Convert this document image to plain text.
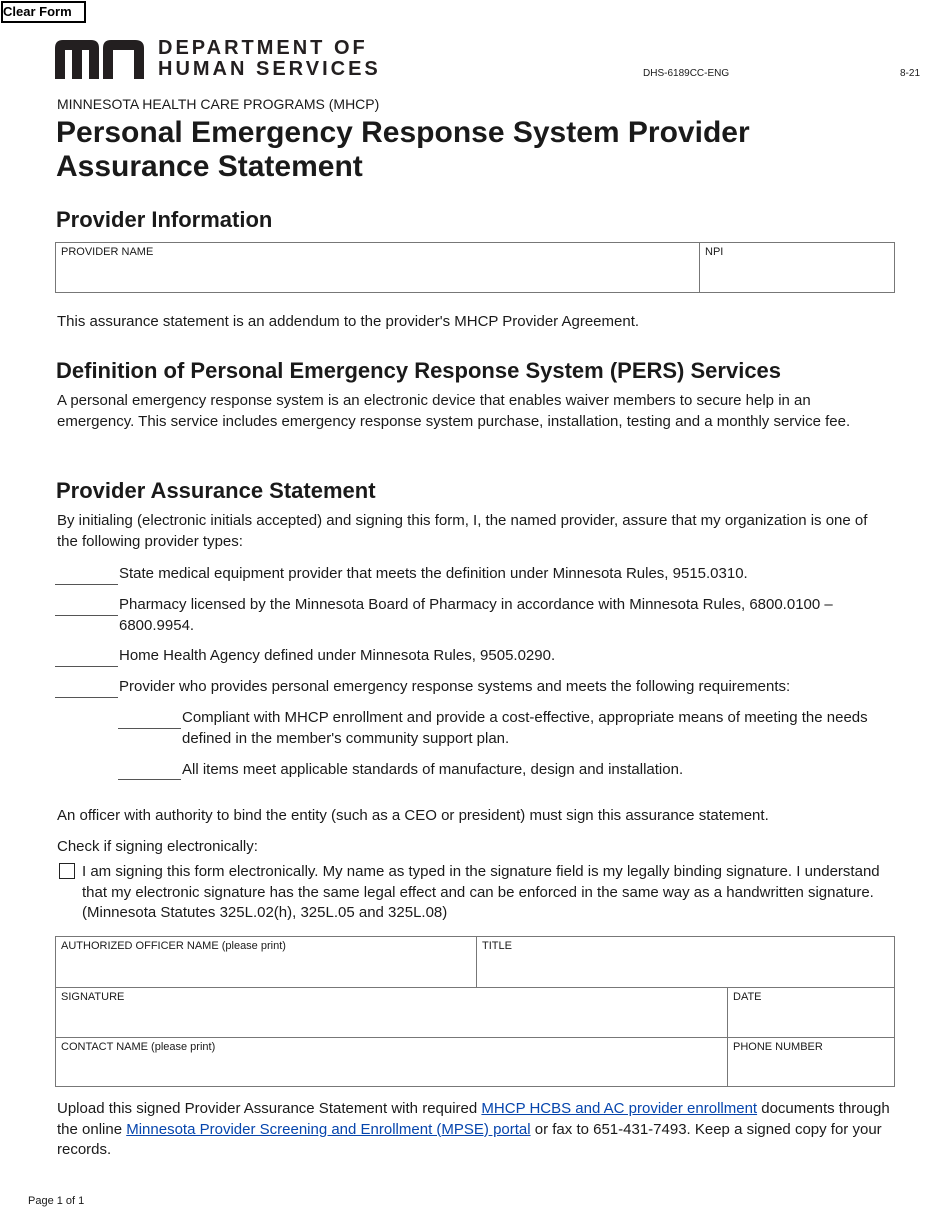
Clear Form
DEPARTMENT OF
HUMAN SERVICES	DHS-6189CC-ENG	8-21
MINNESOTA HEALTH CARE PROGRAMS (MHCP)
Personal Emergency Response System Provider Assurance Statement
Provider Information
PROVIDER NAME	NPI
This assurance statement is an addendum to the provider's MHCP Provider Agreement.
Definition of Personal Emergency Response System (PERS) Services
A personal emergency response system is an electronic device that enables waiver members to secure help in an emergency. This service includes emergency response system purchase, installation, testing and a monthly service fee.
Provider Assurance Statement
By initialing (electronic initials accepted) and signing this form, I, the named provider, assure that my organization is one of the following provider types:
State medical equipment provider that meets the definition under Minnesota Rules, 9515.0310.
Pharmacy licensed by the Minnesota Board of Pharmacy in accordance with Minnesota Rules, 6800.0100 – 6800.9954.
Home Health Agency defined under Minnesota Rules, 9505.0290.
Provider who provides personal emergency response systems and meets the following requirements:
Compliant with MHCP enrollment and provide a cost-effective, appropriate means of meeting the needs defined in the member's community support plan.
All items meet applicable standards of manufacture, design and installation.
An officer with authority to bind the entity (such as a CEO or president) must sign this assurance statement.
Check if signing electronically:
I am signing this form electronically. My name as typed in the signature field is my legally binding signature. I understand that my electronic signature has the same legal effect and can be enforced in the same way as a handwritten signature. (Minnesota Statutes 325L.02(h), 325L.05 and 325L.08)
AUTHORIZED OFFICER NAME (please print)	TITLE
SIGNATURE	DATE
CONTACT NAME (please print)	PHONE NUMBER
Upload this signed Provider Assurance Statement with required MHCP HCBS and AC provider enrollment documents through the online Minnesota Provider Screening and Enrollment (MPSE) portal or fax to 651-431-7493. Keep a signed copy for your records.
Page 1 of 1
